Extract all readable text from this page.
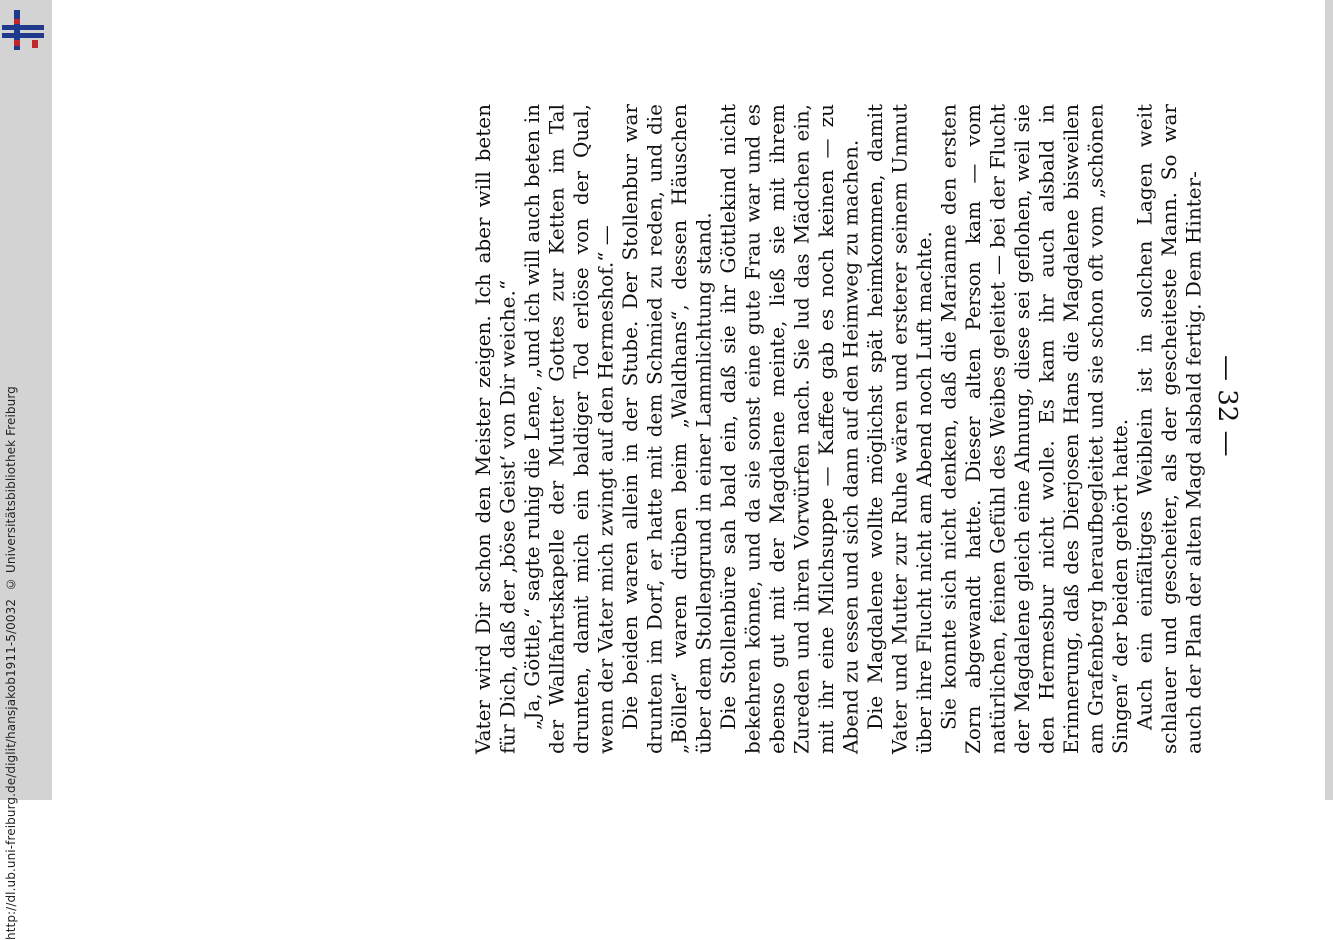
http://dl.ub.uni-freiburg.de/diglit/hansjakob1911-5/0032
© Universitätsbibliothek Freiburg	— 32 —

Vater wird Dir schon den Meister zeigen. Ich aber will beten für Dich, daß der ‚böse Geist‘ von Dir weiche.“ „Ja, Göttle,“ sagte ruhig die Lene, „und ich will auch beten in der Wallfahrtskapelle der Mutter Gottes zur Ketten im Tal drunten, damit mich ein baldiger Tod erlöse von der Qual, wenn der Vater mich zwingt auf den Hermeshof.“ — Die beiden waren allein in der Stube. Der Stollenbur war drunten im Dorf, er hatte mit dem Schmied zu reden, und die „Böller“ waren drüben beim „Waldhans“, dessen Häuschen über dem Stollengrund in einer Lammlichtung stand. Die Stollenbüre sah bald ein, daß sie ihr Göttlekind nicht bekehren könne, und da sie sonst eine gute Frau war und es ebenso gut mit der Magdalene meinte, ließ sie mit ihrem Zureden und ihren Vorwürfen nach. Sie lud das Mädchen ein, mit ihr eine Milchsuppe — Kaffee gab es noch keinen — zu Abend zu essen und sich dann auf den Heimweg zu machen. Die Magdalene wollte möglichst spät heimkommen, damit Vater und Mutter zur Ruhe wären und ersterer seinem Unmut über ihre Flucht nicht am Abend noch Luft machte. Sie konnte sich nicht denken, daß die Marianne den ersten Zorn abgewandt hatte. Dieser alten Person kam — vom natürlichen, feinen Gefühl des Weibes geleitet — bei der Flucht der Magdalene gleich eine Ahnung, diese sei geflohen, weil sie den Hermesbur nicht wolle. Es kam ihr auch alsbald in Erinnerung, daß des Dierjosen Hans die Magdalene bisweilen am Grafenberg heraufbegleitet und sie schon oft vom „schönen Singen“ der beiden gehört hatte. Auch ein einfältiges Weiblein ist in solchen Lagen weit schlauer und gescheiter, als der gescheiteste Mann. So war auch der Plan der alten Magd alsbald fertig. Dem Hinter-
